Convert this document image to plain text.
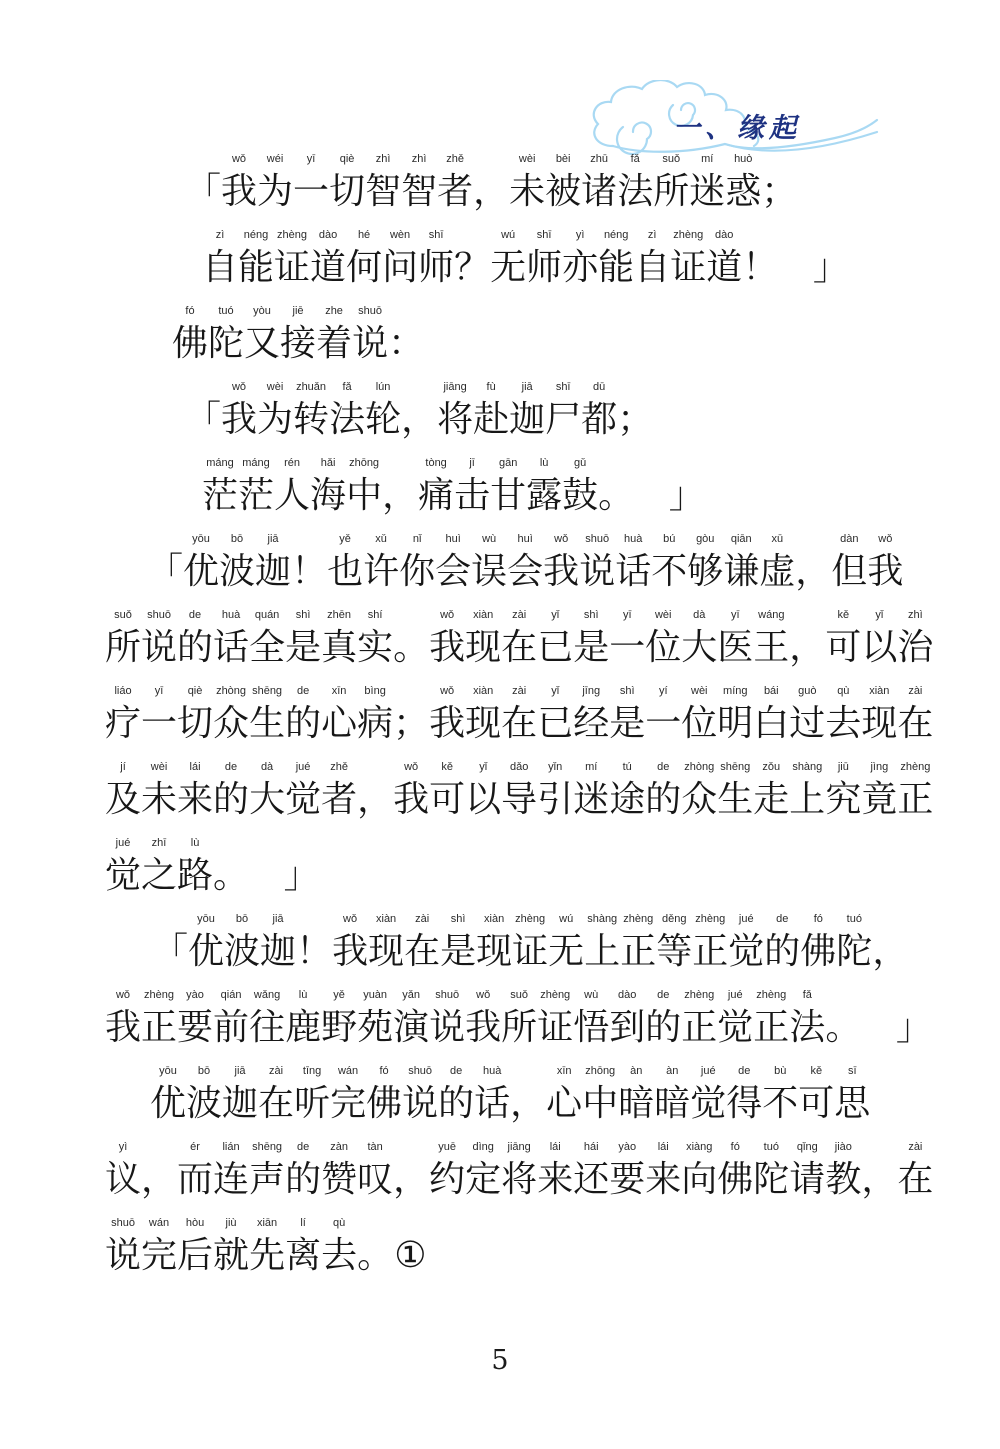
一、缘起
「
wǒ
我
wéi
为
yī
一
qiè
切
zhì
智
zhì
智
zhě
者 ，
wèi
未
bèi
被
zhū
诸
fǎ
法
suǒ
所
mí
迷
huò
惑 ；
zì
自
néng
能
zhèng
证
dào
道
hé
何
wèn
问
shī
师 ？
wú
无
shī
师
yì
亦
néng
能
zì
自
zhèng
证
dào
道 ！ 」
fó
佛
tuó
陀
yòu
又
jiē
接
zhe
着
shuō
说 ：
「
wǒ
我
wèi
为
zhuǎn
转
fǎ
法
lún
轮 ，
jiāng
将
fù
赴
jiā
迦
shī
尸
dū
都 ；
máng
茫
máng
茫
rén
人
hǎi
海
zhōng
中 ，
tòng
痛
jī
击
gān
甘
lù
露
gǔ
鼓 。 」
「
yōu
优
bō
波
jiā
迦 ！
yě
也
xǔ
许
nǐ
你
huì
会
wù
误
huì
会
wǒ
我
shuō
说
huà
话
bú
不
gòu
够
qiān
谦
xū
虚 ，
dàn
但
wǒ
我
suǒ
所
shuō
说
de
的
huà
话
quán
全
shì
是
zhēn
真
shí
实 。
wǒ
我
xiàn
现
zài
在
yǐ
已
shì
是
yī
一
wèi
位
dà
大
yī
医
wáng
王 ，
kě
可
yǐ
以
zhì
治
liáo
疗
yī
一
qiè
切
zhòng
众
shēng
生
de
的
xīn
心
bìng
病 ；
wǒ
我
xiàn
现
zài
在
yǐ
已
jīng
经
shì
是
yí
一
wèi
位
míng
明
bái
白
guò
过
qù
去
xiàn
现
zài
在
jí
及
wèi
未
lái
来
de
的
dà
大
jué
觉
zhě
者 ，
wǒ
我
kě
可
yǐ
以
dǎo
导
yǐn
引
mí
迷
tú
途
de
的
zhòng
众
shēng
生
zǒu
走
shàng
上
jiū
究
jìng
竟
zhèng
正
jué
觉
zhī
之
lù
路 。 」
「
yōu
优
bō
波
jiā
迦 ！
wǒ
我
xiàn
现
zài
在
shì
是
xiàn
现
zhèng
证
wú
无
shàng
上
zhèng
正
děng
等
zhèng
正
jué
觉
de
的
fó
佛
tuó
陀 ，
wǒ
我
zhèng
正
yào
要
qián
前
wǎng
往
lù
鹿
yě
野
yuàn
苑
yǎn
演
shuō
说
wǒ
我
suǒ
所
zhèng
证
wù
悟
dào
到
de
的
zhèng
正
jué
觉
zhèng
正
fǎ
法 。 」
yōu
优
bō
波
jiā
迦
zài
在
tīng
听
wán
完
fó
佛
shuō
说
de
的
huà
话 ，
xīn
心
zhōng
中
àn
暗
àn
暗
jué
觉
de
得
bù
不
kě
可
sī
思
yì
议 ，
ér
而
lián
连
shēng
声
de
的
zàn
赞
tàn
叹 ，
yuē
约
dìng
定
jiāng
将
lái
来
hái
还
yào
要
lái
来
xiàng
向
fó
佛
tuó
陀
qǐng
请
jiào
教 ，
zài
在
shuō
说
wán
完
hòu
后
jiù
就
xiān
先
lí
离
qù
去 。 ①
5
